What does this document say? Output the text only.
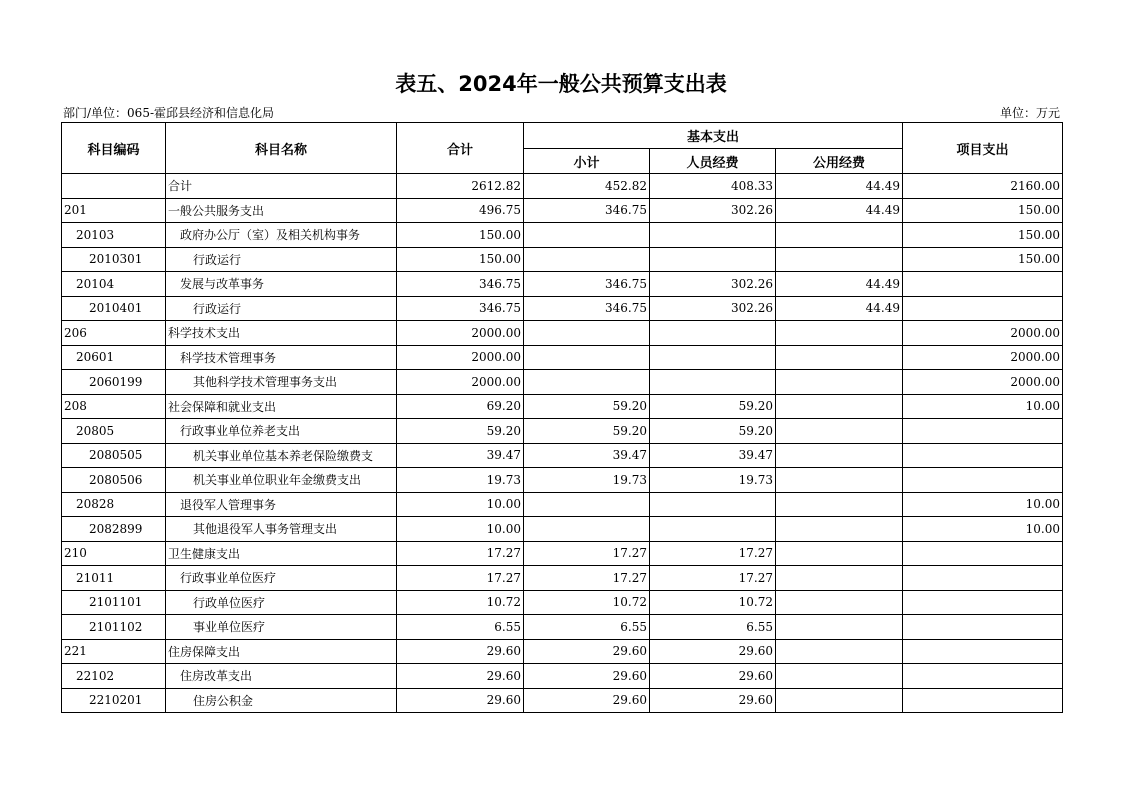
表五、2024年一般公共预算支出表
部门/单位：065-霍邱县经济和信息化局	单位：万元
科目编码	科目名称	合计	基本支出			项目支出
			小计	人员经费	公用经费	
	合计	2612.82	452.82	408.33	44.49	2160.00
201	一般公共服务支出	496.75	346.75	302.26	44.49	150.00
20103	政府办公厅（室）及相关机构事务	150.00				150.00
2010301	行政运行	150.00				150.00
20104	发展与改革事务	346.75	346.75	302.26	44.49	
2010401	行政运行	346.75	346.75	302.26	44.49	
206	科学技术支出	2000.00				2000.00
20601	科学技术管理事务	2000.00				2000.00
2060199	其他科学技术管理事务支出	2000.00				2000.00
208	社会保障和就业支出	69.20	59.20	59.20		10.00
20805	行政事业单位养老支出	59.20	59.20	59.20		
2080505	机关事业单位基本养老保险缴费支	39.47	39.47	39.47		
2080506	机关事业单位职业年金缴费支出	19.73	19.73	19.73		
20828	退役军人管理事务	10.00				10.00
2082899	其他退役军人事务管理支出	10.00				10.00
210	卫生健康支出	17.27	17.27	17.27		
21011	行政事业单位医疗	17.27	17.27	17.27		
2101101	行政单位医疗	10.72	10.72	10.72		
2101102	事业单位医疗	6.55	6.55	6.55		
221	住房保障支出	29.60	29.60	29.60		
22102	住房改革支出	29.60	29.60	29.60		
2210201	住房公积金	29.60	29.60	29.60		
